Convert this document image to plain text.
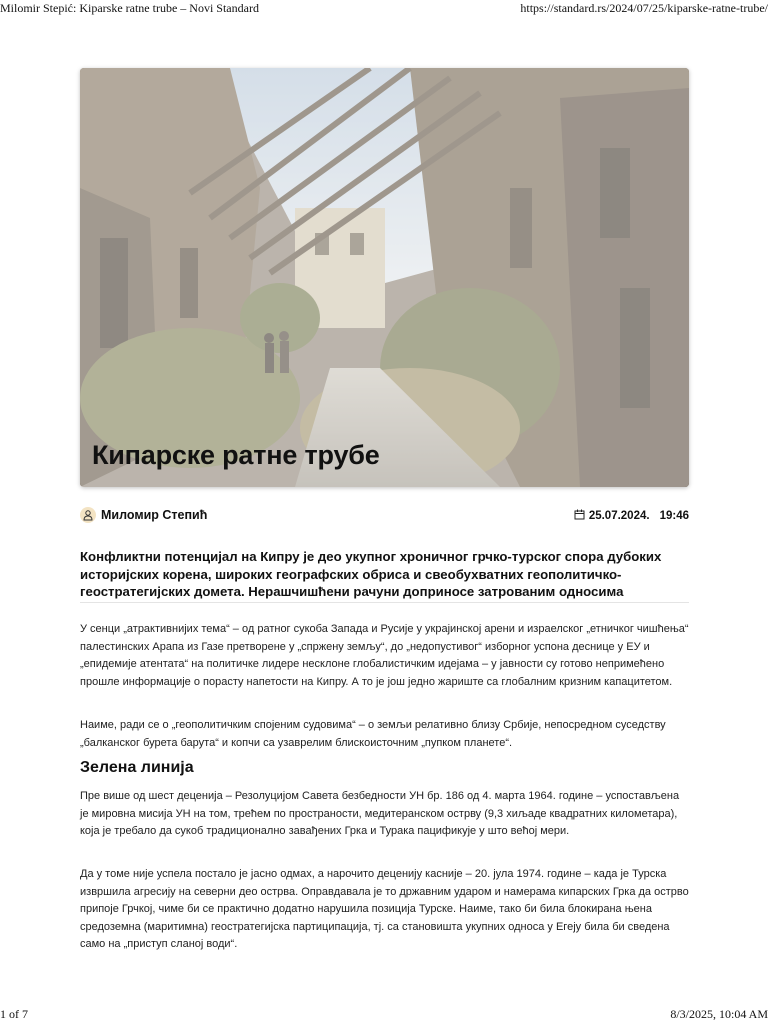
Milomir Stepić: Kiparske ratne trube – Novi Standard	https://standard.rs/2024/07/25/kiparske-ratne-trube/
Кипарске ратне трубе
Миломир Степић	25.07.2024. 19:46
Конфликтни потенцијал на Кипру је део укупног хроничног грчко-турског спора дубоких историјских корена, широких географских обриса и свеобухватних геополитичко-геостратегијских домета. Нерашчишћени рачуни доприносе затрованим односима

У сенци „атрактивнијих тема“ – од ратног сукоба Запада и Русије у украјинској арени и израелског „етничког чишћења“ палестинских Арапа из Газе претворене у „спржену земљу“, до „недопустивог“ изборног успона деснице у ЕУ и „епидемије атентата“ на политичке лидере несклоне глобалистичким идејама – у јавности су готово непримећено прошле информације о порасту напетости на Кипру. А то је још једно жариште са глобалним кризним капацитетом.

Наиме, ради се о „геополитичким спојеним судовима“ – о земљи релативно близу Србије, непосредном суседству „балканског бурета барута“ и копчи са узаврелим блискоисточним „пупком планете“.

Зелена линија

Пре више од шест деценија – Резолуцијом Савета безбедности УН бр. 186 од 4. марта 1964. године – успостављена је мировна мисија УН на том, трећем по пространости, медитеранском острву (9,3 хиљаде квадратних километара), која је требало да сукоб традиционално завађених Грка и Турака пацификује у што већој мери.

Да у томе није успела постало је јасно одмах, а нарочито деценију касније – 20. јула 1974. године – када је Турска извршила агресију на северни део острва. Оправдавала је то државним ударом и намерама кипарских Грка да острво припоје Грчкој, чиме би се практично додатно нарушила позиција Турске. Наиме, тако би била блокирана њена средоземна (маритимна) геостратегијска партиципација, тј. са становишта укупних односа у Егеју била би сведена само на „приступ сланој води“.

1 of 7	8/3/2025, 10:04 AM
